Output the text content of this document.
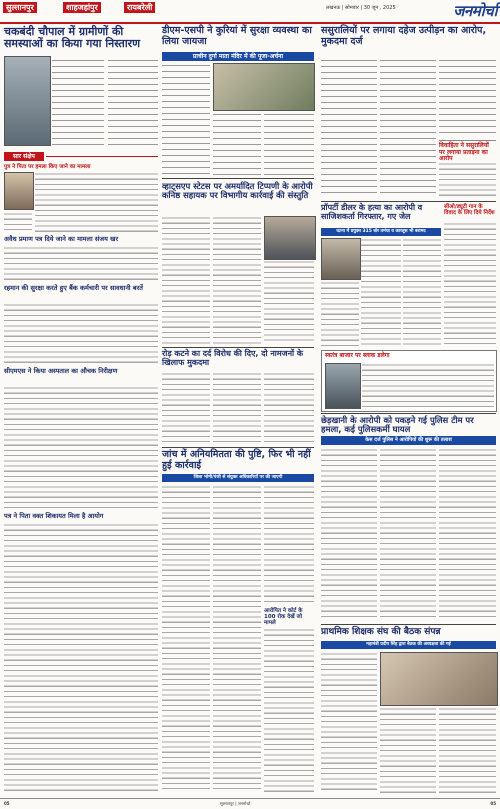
सुल्तानपुर	शाहजहांपुर	रायबरेली	लखनऊ | सोमवार | 30 जून , 2025	जनमोर्चा
चकबंदी चौपाल में ग्रामीणों की समस्याओं का किया गया निस्तारण
डीएम-एसपी ने कुरियां में सुरक्षा व्यवस्था का लिया जायजा
प्राचीन दुर्गा माता मंदिर में की पूजा-अर्चना
ससुरालियों पर लगाया दहेज उत्पीड़न का आरोप, मुकदमा दर्ज
विवाहिता ने ससुरालियों पर लगाया प्रताड़ना का आरोप
सार संक्षेप
पुत्र ने पिता पर हमला किए जाने का मामला
अवैध प्रमाण पत्र दिये जाने का मामला संजय खर
रहमान की सुरक्षा करते हुए बैंक कर्मचारी पर सावधानी बरतें
सीएमएस ने किया अस्पताल का औचक निरीक्षण
पत्र ने पिता वक्त शिकायत मिला है आयोग
व्हाट्सएप स्टेटस पर अमर्यादित टिप्पणी के आरोपी कनिष्ठ सहायक पर विभागीय कार्रवाई की संस्तुति
प्रॉपर्टी डीलर के हत्या का आरोपी व साजिशकर्ता गिरफ्तार, गए जेल
घटना में प्रयुक्त 315 बोर तमंचा व कारतूस भी बरामद
सीओ/ड्यूटी गान के विवाद के लिए दिये निर्देश
रोड़ कटने का दर्द विरोध की दिए, दो नामजनों के खिलाफ मुकदमा
स्वतंत्र बाजार पर ब्लाक डलेगा
जांच में अनियमितता की पुष्टि, फिर भी नहीं हुई कार्रवाई
जिला भोमी/पंजी से संयुक्त अधिकारियों पर की जाएगी
आरोपित ने कोर्ट के 100 रोक देखें जो मामले
छेड़खानी के आरोपी को पकड़ने गई पुलिस टीम पर हमला, कई पुलिसकर्मी घायल
केस दर्ज पुलिस ने आरोपियों की शुरू की तलाश
प्राथमिक शिक्षक संघ की बैठक संपन्न
महामंत्री प्रदीप सिंह द्वारा बैठक की अध्यक्षता की गई
05	सुल्तानपुर | जनमोर्चा	05
